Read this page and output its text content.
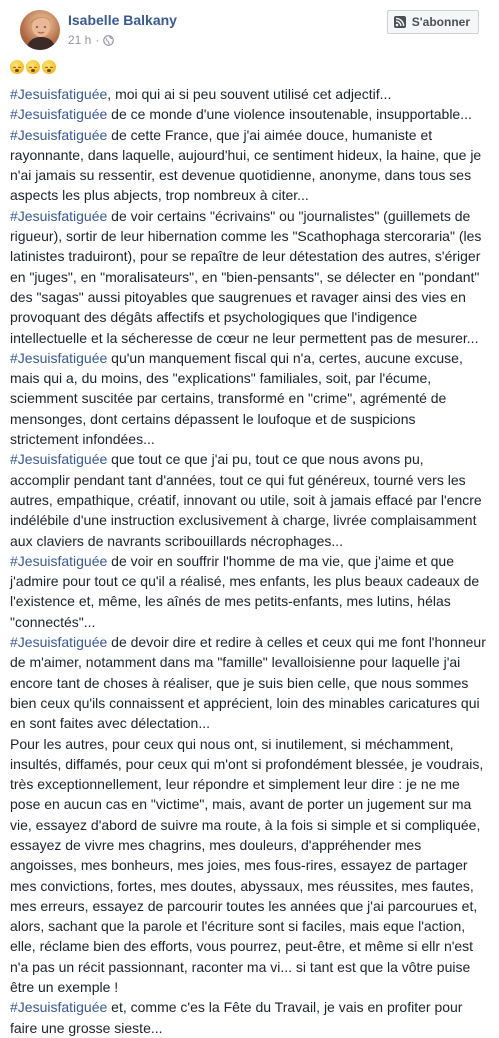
Isabelle Balkany
21 h ·
S'abonner

#Jesuisfatiguée, moi qui ai si peu souvent utilisé cet adjectif...

#Jesuisfatiguée de ce monde d'une violence insoutenable, insupportable...

#Jesuisfatiguée de cette France, que j'ai aimée douce, humaniste et

rayonnante, dans laquelle, aujourd'hui, ce sentiment hideux, la haine, que je

n'ai jamais su ressentir, est devenue quotidienne, anonyme, dans tous ses

aspects les plus abjects, trop nombreux à citer...

#Jesuisfatiguée de voir certains "écrivains" ou "journalistes" (guillemets de

rigueur), sortir de leur hibernation comme les "Scathophaga stercoraria" (les

latinistes traduiront), pour se repaître de leur détestation des autres, s'ériger

en "juges", en "moralisateurs", en "bien-pensants", se délecter en "pondant"

des "sagas" aussi pitoyables que saugrenues et ravager ainsi des vies en

provoquant des dégâts affectifs et psychologiques que l'indigence

intellectuelle et la sécheresse de cœur ne leur permettent pas de mesurer...

#Jesuisfatiguée qu'un manquement fiscal qui n'a, certes, aucune excuse,

mais qui a, du moins, des "explications" familiales, soit, par l'écume,

sciemment suscitée par certains, transformé en "crime", agrémenté de

mensonges, dont certains dépassent le loufoque et de suspicions

strictement infondées...

#Jesuisfatiguée que tout ce que j'ai pu, tout ce que nous avons pu,

accomplir pendant tant d'années, tout ce qui fut généreux, tourné vers les

autres, empathique, créatif, innovant ou utile, soit à jamais effacé par l'encre

indélébile d'une instruction exclusivement à charge, livrée complaisamment

aux claviers de navrants scribouillards nécrophages...

#Jesuisfatiguée de voir en souffrir l'homme de ma vie, que j'aime et que

j'admire pour tout ce qu'il a réalisé, mes enfants, les plus beaux cadeaux de

l'existence et, même, les aînés de mes petits-enfants, mes lutins, hélas

"connectés"...

#Jesuisfatiguée de devoir dire et redire à celles et ceux qui me font l'honneur

de m'aimer, notamment dans ma "famille" levalloisienne pour laquelle j'ai

encore tant de choses à réaliser, que je suis bien celle, que nous sommes

bien ceux qu'ils connaissent et apprécient, loin des minables caricatures qui

en sont faites avec délectation...

Pour les autres, pour ceux qui nous ont, si inutilement, si méchamment,

insultés, diffamés, pour ceux qui m'ont si profondément blessée, je voudrais,

très exceptionnellement, leur répondre et simplement leur dire : je ne me

pose en aucun cas en "victime", mais, avant de porter un jugement sur ma

vie, essayez d'abord de suivre ma route, à la fois si simple et si compliquée,

essayez de vivre mes chagrins, mes douleurs, d'appréhender mes

angoisses, mes bonheurs, mes joies, mes fous-rires, essayez de partager

mes convictions, fortes, mes doutes, abyssaux, mes réussites, mes fautes,

mes erreurs, essayez de parcourir toutes les années que j'ai parcourues et,

alors, sachant que la parole et l'écriture sont si faciles, mais eque l'action,

elle, réclame bien des efforts, vous pourrez, peut-être, et même si ellr n'est

n'a pas un récit passionnant, raconter ma vi... si tant est que la vôtre puise

être un exemple !

#Jesuisfatiguée et, comme c'es la Fête du Travail, je vais en profiter pour

faire une grosse sieste...
